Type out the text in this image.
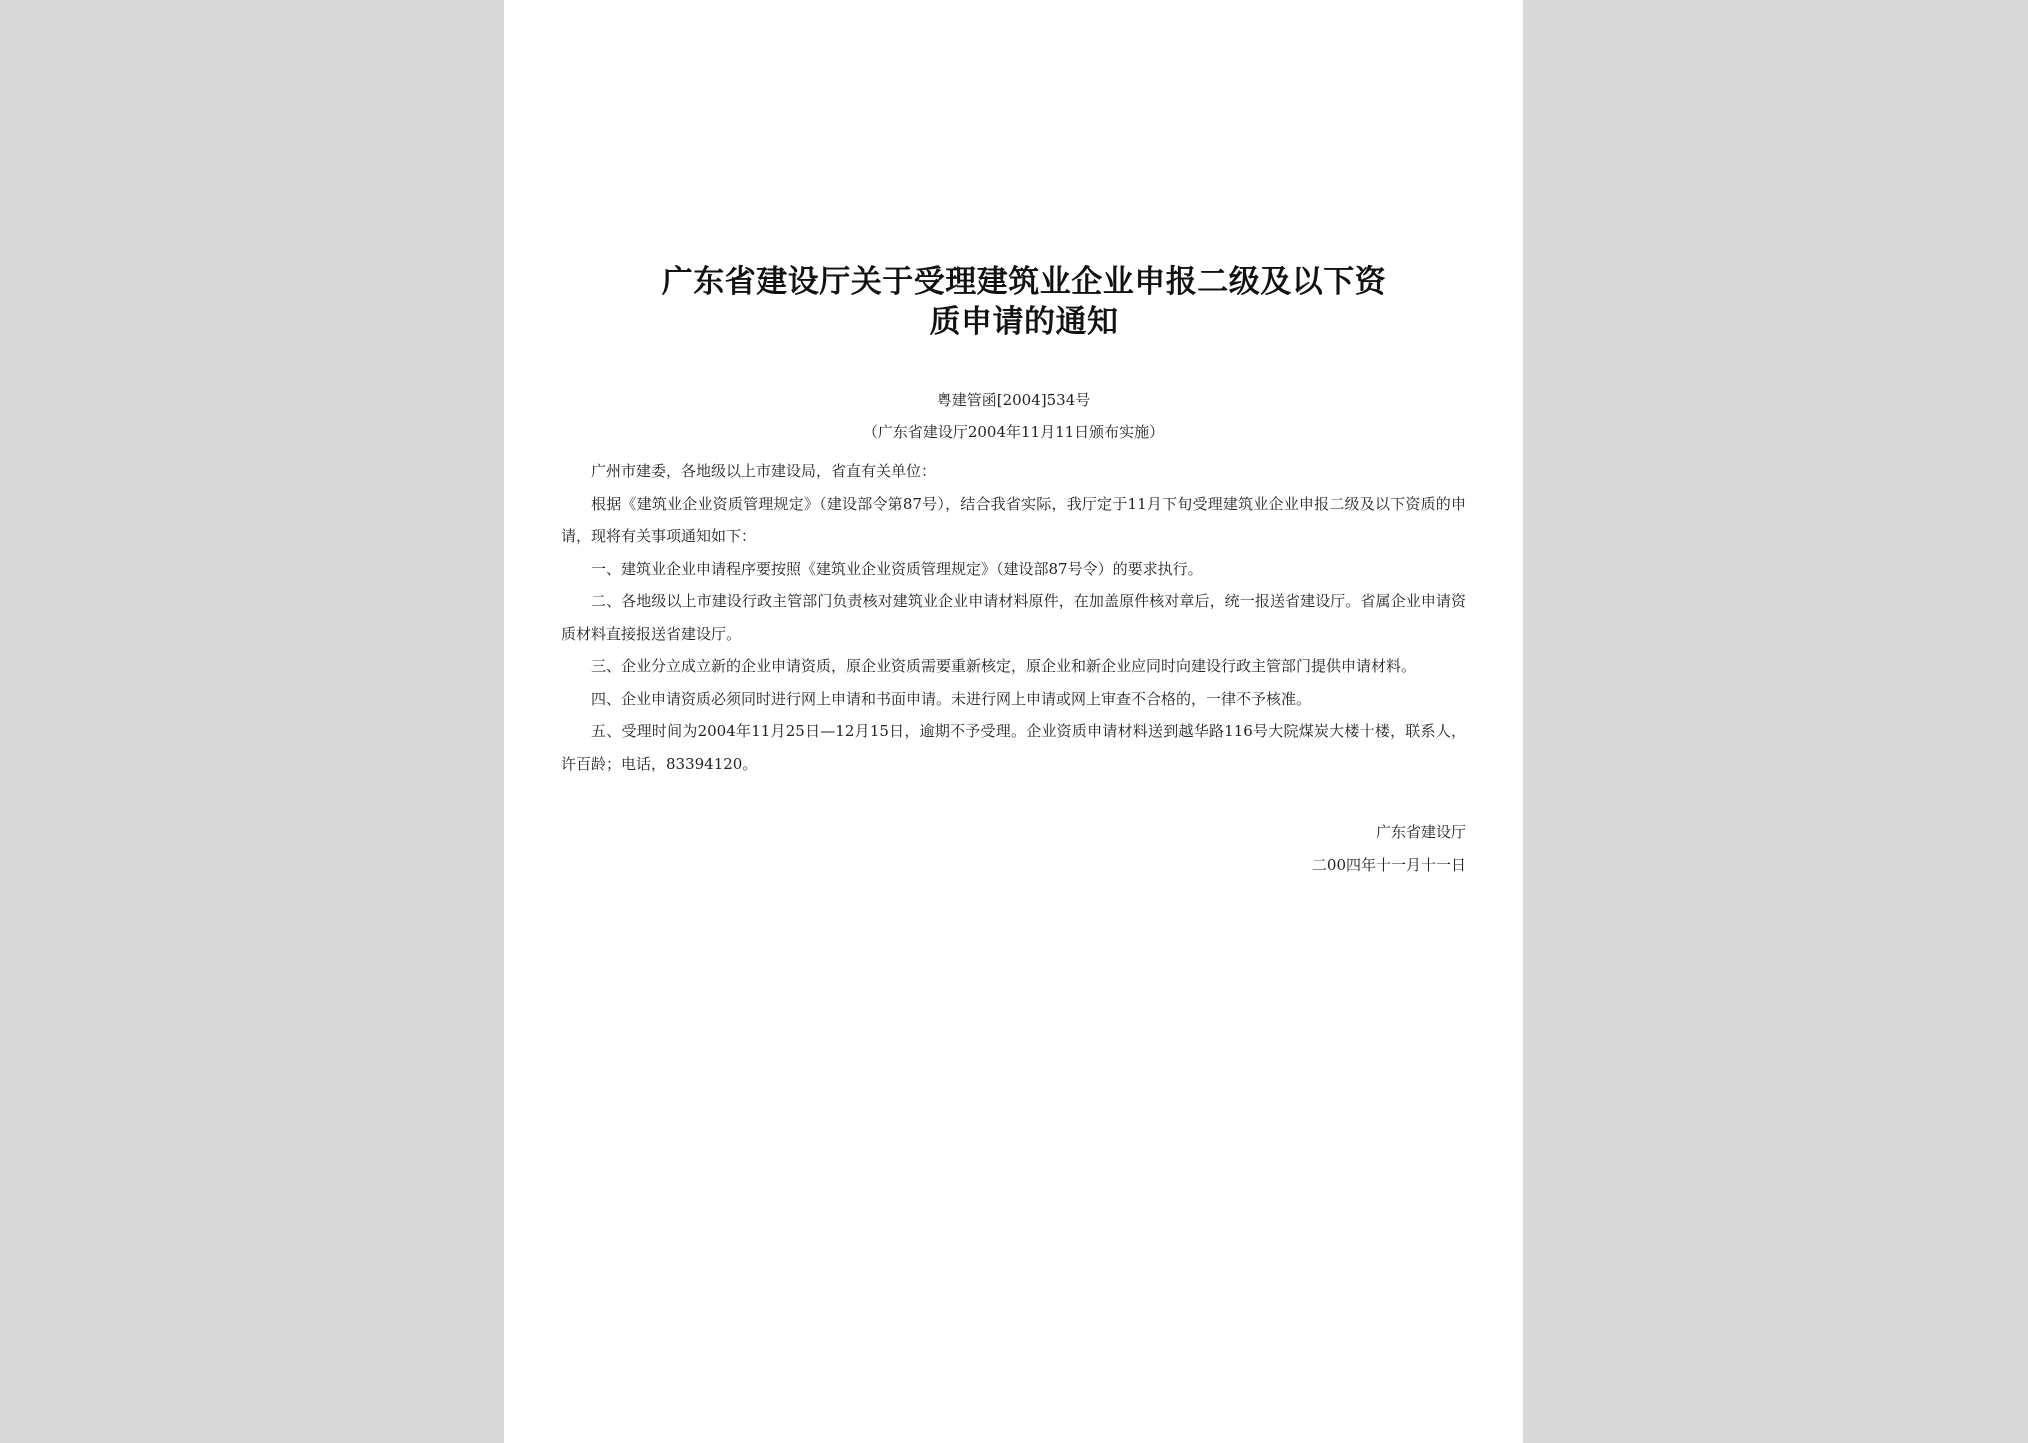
广东省建设厅关于受理建筑业企业申报二级及以下资
质申请的通知
粤建管函[2004]534号
（广东省建设厅2004年11月11日颁布实施）

广州市建委，各地级以上市建设局，省直有关单位：

根据《建筑业企业资质管理规定》（建设部令第87号），结合我省实际，我厅定于11月下旬受理建筑业企业申报二级及以下资质的申请，现将有关事项通知如下：

一、建筑业企业申请程序要按照《建筑业企业资质管理规定》（建设部87号令）的要求执行。

二、各地级以上市建设行政主管部门负责核对建筑业企业申请材料原件，在加盖原件核对章后，统一报送省建设厅。省属企业申请资质材料直接报送省建设厅。

三、企业分立成立新的企业申请资质，原企业资质需要重新核定，原企业和新企业应同时向建设行政主管部门提供申请材料。

四、企业申请资质必须同时进行网上申请和书面申请。未进行网上申请或网上审查不合格的，一律不予核准。

五、受理时间为2004年11月25日—12月15日，逾期不予受理。企业资质申请材料送到越华路116号大院煤炭大楼十楼，联系人，许百龄；电话，83394120。

广东省建设厅
二00四年十一月十一日
